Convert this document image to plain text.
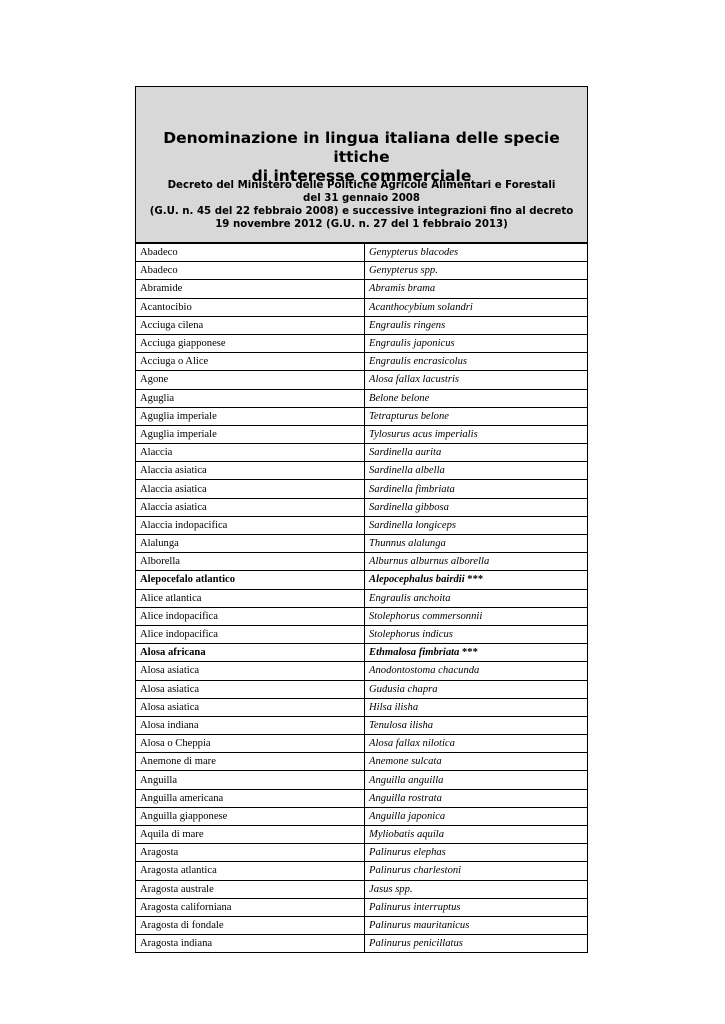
Denominazione in lingua italiana delle specie ittiche
di interesse commerciale
Decreto del Ministero delle Politiche Agricole Alimentari e Forestali
del 31 gennaio 2008
(G.U. n. 45 del 22 febbraio 2008) e successive integrazioni fino al decreto
19 novembre 2012 (G.U. n. 27 del 1 febbraio 2013)
Abadeco	Genypterus blacodes
Abadeco	Genypterus spp.
Abramide	Abramis brama
Acantocibio	Acanthocybium solandri
Acciuga cilena	Engraulis ringens
Acciuga giapponese	Engraulis japonicus
Acciuga o Alice	Engraulis encrasicolus
Agone	Alosa fallax lacustris
Aguglia	Belone belone
Aguglia imperiale	Tetrapturus belone
Aguglia imperiale	Tylosurus acus imperialis
Alaccia	Sardinella aurita
Alaccia asiatica	Sardinella albella
Alaccia asiatica	Sardinella fimbriata
Alaccia asiatica	Sardinella gibbosa
Alaccia indopacifica	Sardinella longiceps
Alalunga	Thunnus alalunga
Alborella	Alburnus alburnus alborella
Alepocefalo atlantico	Alepocephalus bairdii ***
Alice atlantica	Engraulis anchoita
Alice indopacifica	Stolephorus commersonnii
Alice indopacifica	Stolephorus indicus
Alosa africana	Ethmalosa fimbriata ***
Alosa asiatica	Anodontostoma chacunda
Alosa asiatica	Gudusia chapra
Alosa asiatica	Hilsa ilisha
Alosa indiana	Tenulosa ilisha
Alosa o Cheppia	Alosa fallax nilotica
Anemone di mare	Anemone sulcata
Anguilla	Anguilla anguilla
Anguilla americana	Anguilla rostrata
Anguilla giapponese	Anguilla japonica
Aquila di mare	Myliobatis aquila
Aragosta	Palinurus elephas
Aragosta atlantica	Palinurus charlestoni
Aragosta australe	Jasus spp.
Aragosta californiana	Palinurus interruptus
Aragosta di fondale	Palinurus mauritanicus
Aragosta indiana	Palinurus penicillatus
